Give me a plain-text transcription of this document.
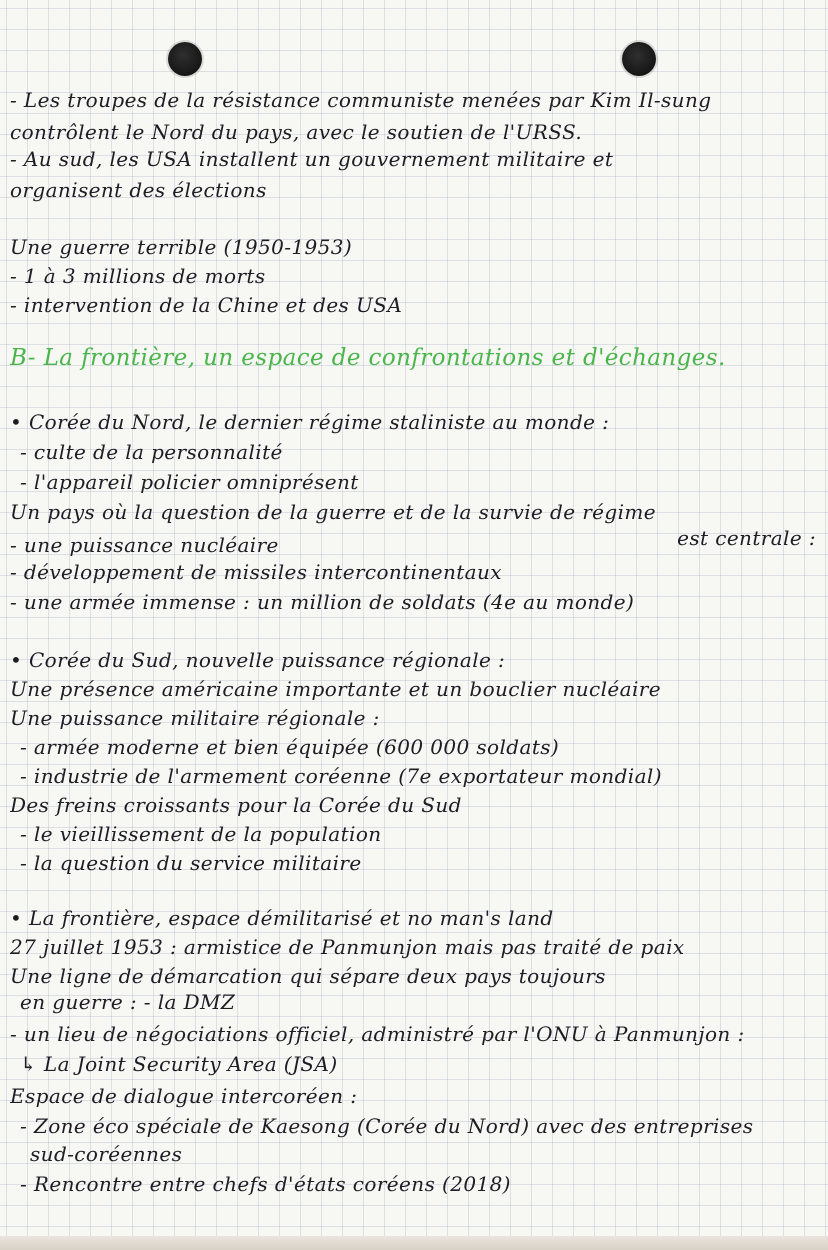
- Les troupes de la résistance communiste menées par Kim Il-sung
contrôlent le Nord du pays, avec le soutien de l'URSS.
- Au sud, les USA installent un gouvernement militaire et
organisent des élections
Une guerre terrible (1950-1953)
- 1 à 3 millions de morts
- intervention de la Chine et des USA
B- La frontière, un espace de confrontations et d'échanges.
• Corée du Nord, le dernier régime staliniste au monde :
- culte de la personnalité
- l'appareil policier omniprésent
Un pays où la question de la guerre et de la survie de régime
est centrale :
- une puissance nucléaire
- développement de missiles intercontinentaux
- une armée immense : un million de soldats (4e au monde)
• Corée du Sud, nouvelle puissance régionale :
Une présence américaine importante et un bouclier nucléaire
Une puissance militaire régionale :
- armée moderne et bien équipée (600 000 soldats)
- industrie de l'armement coréenne (7e exportateur mondial)
Des freins croissants pour la Corée du Sud
- le vieillissement de la population
- la question du service militaire
• La frontière, espace démilitarisé et no man's land
27 juillet 1953 : armistice de Panmunjon mais pas traité de paix
Une ligne de démarcation qui sépare deux pays toujours
en guerre : - la DMZ
- un lieu de négociations officiel, administré par l'ONU à Panmunjon :
↳ La Joint Security Area (JSA)
Espace de dialogue intercoréen :
- Zone éco spéciale de Kaesong (Corée du Nord) avec des entreprises
sud-coréennes
- Rencontre entre chefs d'états coréens (2018)
